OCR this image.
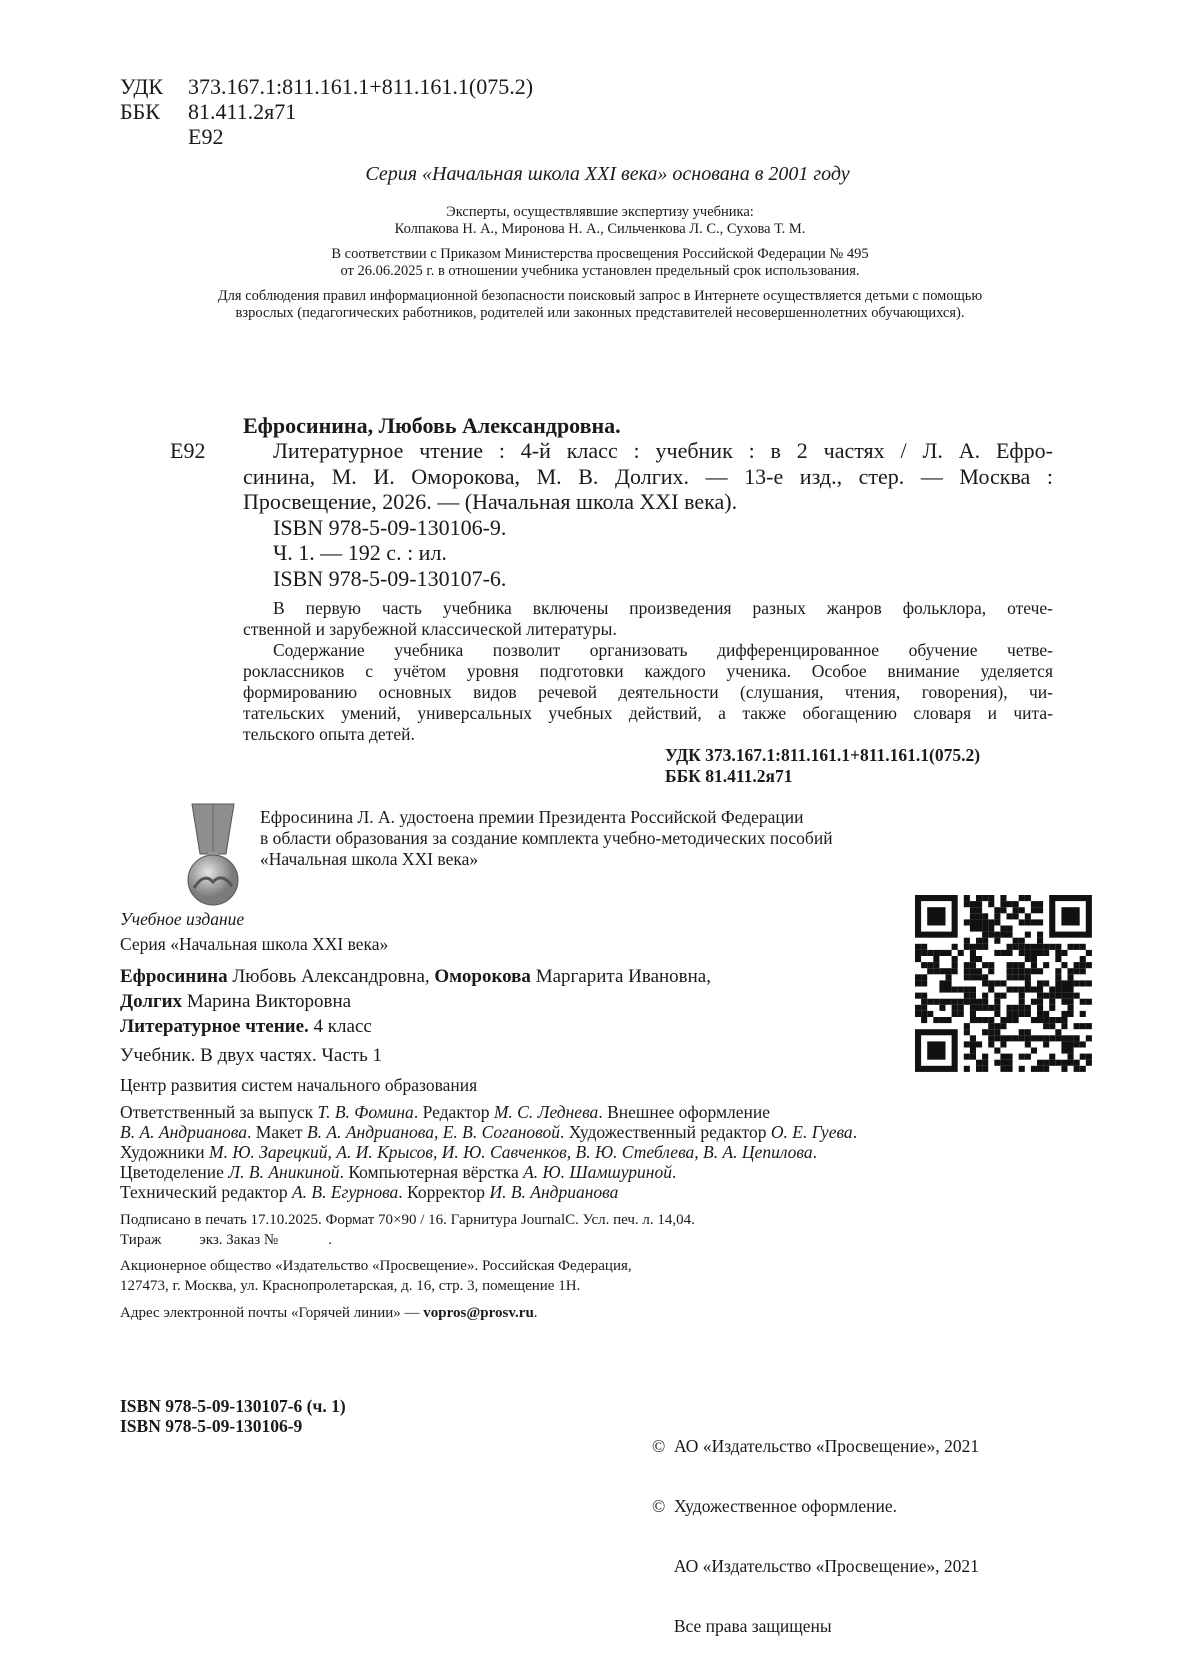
УДК 373.167.1:811.161.1+811.161.1(075.2)
ББК 81.411.2я71
Е92
Серия «Начальная школа XXI века» основана в 2001 году
Эксперты, осуществлявшие экспертизу учебника:
Колпакова Н. А., Миронова Н. А., Сильченкова Л. С., Сухова Т. М.
В соответствии с Приказом Министерства просвещения Российской Федерации № 495
от 26.06.2025 г. в отношении учебника установлен предельный срок использования.
Для соблюдения правил информационной безопасности поисковый запрос в Интернете осуществляется детьми с помощью
взрослых (педагогических работников, родителей или законных представителей несовершеннолетних обучающихся).
Ефросинина, Любовь Александровна.
Е92	Литературное чтение : 4-й класс : учебник : в 2 частях / Л. А. Ефро-
синина, М. И. Оморокова, М. В. Долгих. — 13-е изд., стер. — Москва :
Просвещение, 2026. — (Начальная школа XXI века).
ISBN 978-5-09-130106-9.
Ч. 1. — 192 с. : ил.
ISBN 978-5-09-130107-6.
В первую часть учебника включены произведения разных жанров фольклора, отече-
ственной и зарубежной классической литературы.
Содержание учебника позволит организовать дифференцированное обучение четве-
роклассников с учётом уровня подготовки каждого ученика. Особое внимание уделяется
формированию основных видов речевой деятельности (слушания, чтения, говорения), чи-
тательских умений, универсальных учебных действий, а также обогащению словаря и чита-
тельского опыта детей.
УДК 373.167.1:811.161.1+811.161.1(075.2)
ББК 81.411.2я71
Ефросинина Л. А. удостоена премии Президента Российской Федерации
в области образования за создание комплекта учебно-методических пособий
«Начальная школа XXI века»
Учебное издание
Серия «Начальная школа XXI века»
Ефросинина Любовь Александровна, Оморокова Маргарита Ивановна,
Долгих Марина Викторовна
Литературное чтение. 4 класс
Учебник. В двух частях. Часть 1
Центр развития систем начального образования
Ответственный за выпуск Т. В. Фомина. Редактор М. С. Леднева. Внешнее оформление
В. А. Андрианова. Макет В. А. Андрианова, Е. В. Согановой. Художественный редактор О. Е. Гуева.
Художники М. Ю. Зарецкий, А. И. Крысов, И. Ю. Савченков, В. Ю. Стеблева, В. А. Цепилова.
Цветоделение Л. В. Аникиной. Компьютерная вёрстка А. Ю. Шамшуриной.
Технический редактор А. В. Егурнова. Корректор И. В. Андрианова
Подписано в печать 17.10.2025. Формат 70×90 / 16. Гарнитура JournalC. Усл. печ. л. 14,04.
Тираж	экз. Заказ №	.
Акционерное общество «Издательство «Просвещение». Российская Федерация,
127473, г. Москва, ул. Краснопролетарская, д. 16, стр. 3, помещение 1Н.
Адрес электронной почты «Горячей линии» — vopros@prosv.ru.
ISBN 978-5-09-130107-6 (ч. 1)
ISBN 978-5-09-130106-9

©  АО «Издательство «Просвещение», 2021

©  Художественное оформление.

АО «Издательство «Просвещение», 2021

Все права защищены
